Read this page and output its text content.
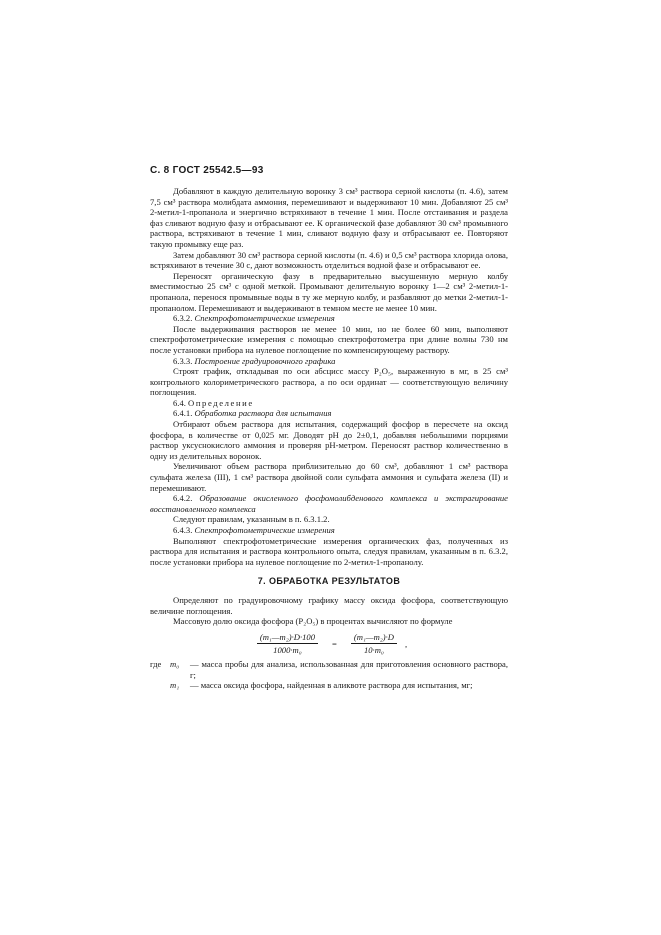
С. 8 ГОСТ 25542.5—93

Добавляют в каждую делительную воронку 3 см³ раствора серной кислоты (п. 4.6), затем 7,5 см³ раствора молибдата аммония, перемешивают и выдерживают 10 мин. Добавляют 25 см³ 2-метил-1-пропанола и энергично встряхивают в течение 1 мин. После отстаивания и раздела фаз сливают водную фазу и отбрасывают ее. К органической фазе добавляют 30 см³ промывного раствора, встряхивают в течение 1 мин, сливают водную фазу и отбрасывают ее. Повторяют такую промывку еще раз.

Затем добавляют 30 см³ раствора серной кислоты (п. 4.6) и 0,5 см³ раствора хлорида олова, встряхивают в течение 30 с, дают возможность отделиться водной фазе и отбрасывают ее.

Переносят органическую фазу в предварительно высушенную мерную колбу вместимостью 25 см³ с одной меткой. Промывают делительную воронку 1—2 см³ 2-метил-1-пропанола, перенося промывные воды в ту же мерную колбу, и разбавляют до метки 2-метил-1-пропанолом. Перемешивают и выдерживают в темном месте не менее 10 мин.

6.3.2. Спектрофотометрические измерения

После выдерживания растворов не менее 10 мин, но не более 60 мин, выполняют спектрофотометрические измерения с помощью спектрофотометра при длине волны 730 нм после установки прибора на нулевое поглощение по компенсирующему раствору.

6.3.3. Построение градуировочного графика

Строят график, откладывая по оси абсцисс массу P₂O₅, выраженную в мг, в 25 см³ контрольного колориметрического раствора, а по оси ординат — соответствующую величину поглощения.

6.4. Определение

6.4.1. Обработка раствора для испытания

Отбирают объем раствора для испытания, содержащий фосфор в пересчете на оксид фосфора, в количестве от 0,025 мг. Доводят pH до 2±0,1, добавляя небольшими порциями раствор уксуснокислого аммония и проверяя pH-метром. Переносят раствор количественно в одну из делительных воронок.

Увеличивают объем раствора приблизительно до 60 см³, добавляют 1 см³ раствора сульфата железа (III), 1 см³ раствора двойной соли сульфата аммония и сульфата железа (II) и перемешивают.

6.4.2. Образование окисленного фосфомолибденового комплекса и экстрагирование восстановленного комплекса

Следуют правилам, указанным в п. 6.3.1.2.

6.4.3. Спектрофотометрические измерения

Выполняют спектрофотометрические измерения органических фаз, полученных из раствора для испытания и раствора контрольного опыта, следуя правилам, указанным в п. 6.3.2, после установки прибора на нулевое поглощение по 2-метил-1-пропанолу.

7. ОБРАБОТКА РЕЗУЛЬТАТОВ

Определяют по градуировочному графику массу оксида фосфора, соответствующую величине поглощения.

Массовую долю оксида фосфора (P₂O₅) в процентах вычисляют по формуле

$\frac{\text{(m₁—m₂)·D·100}}{\text{1000·m₀}} = \frac{\text{(m₁—m₂)·D}}{\text{10·m₀}}$ ,
где	m₀	— масса пробы для анализа, использованная для приготовления основного раствора, г;
m₁	— масса оксида фосфора, найденная в аликвоте раствора для испытания, мг;
